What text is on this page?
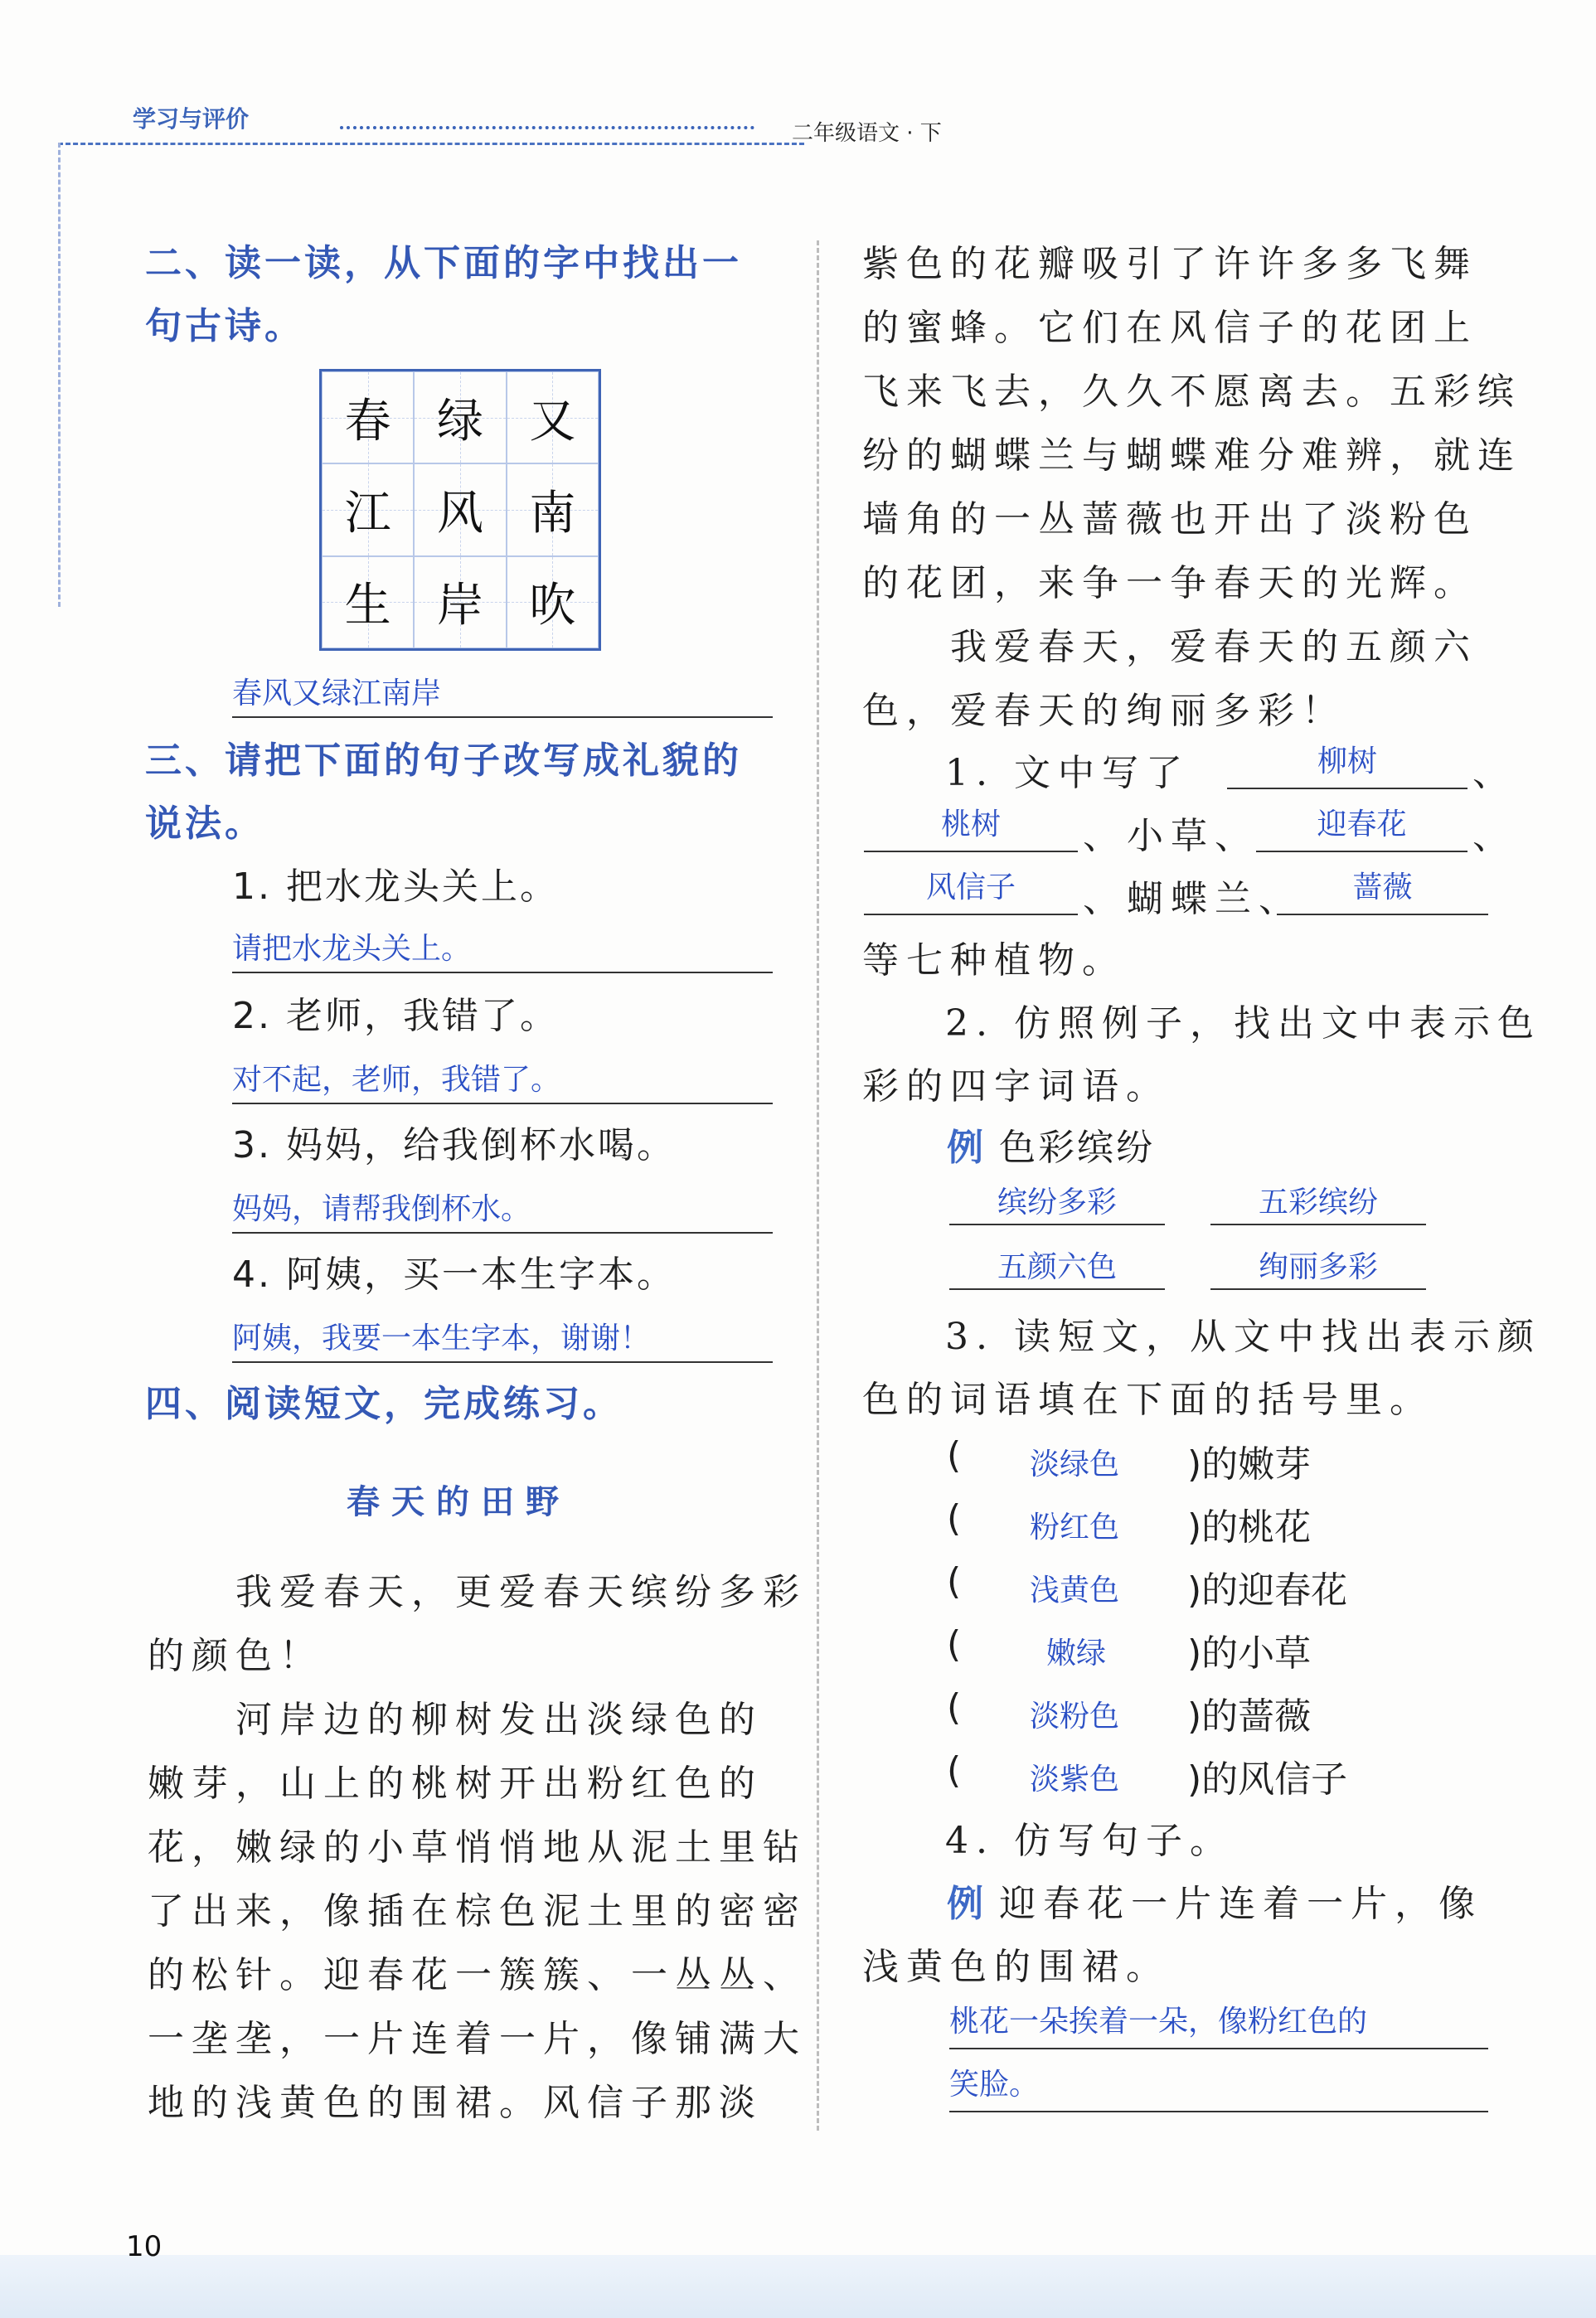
学习与评价
二年级语文 · 下
二、读一读，从下面的字中找出一
句古诗。
春 绿 又
江 风 南
生 岸 吹
春风又绿江南岸
三、请把下面的句子改写成礼貌的
说法。
1. 把水龙头关上。
请把水龙头关上。
2. 老师，我错了。
对不起，老师，我错了。
3. 妈妈，给我倒杯水喝。
妈妈，请帮我倒杯水。
4. 阿姨，买一本生字本。
阿姨，我要一本生字本，谢谢！
四、阅读短文，完成练习。
春天的田野
　　我爱春天，更爱春天缤纷多彩
的颜色！
　　河岸边的柳树发出淡绿色的
嫩芽，山上的桃树开出粉红色的
花，嫩绿的小草悄悄地从泥土里钻
了出来，像插在棕色泥土里的密密
的松针。迎春花一簇簇、一丛丛、
一垄垄，一片连着一片，像铺满大
地的浅黄色的围裙。风信子那淡
紫色的花瓣吸引了许许多多飞舞
的蜜蜂。它们在风信子的花团上
飞来飞去，久久不愿离去。五彩缤
纷的蝴蝶兰与蝴蝶难分难辨，就连
墙角的一丛蔷薇也开出了淡粉色
的花团，来争一争春天的光辉。
　　我爱春天，爱春天的五颜六
色，爱春天的绚丽多彩！
1. 文中写了	柳树	、
桃树	、小草、	迎春花	、
风信子	、蝴蝶兰、	蔷薇
等七种植物。
2. 仿照例子，找出文中表示色
彩的四字词语。
例 色彩缤纷
缤纷多彩	五彩缤纷
五颜六色	绚丽多彩
3. 读短文，从文中找出表示颜
色的词语填在下面的括号里。
( 淡绿色 )的嫩芽
( 粉红色 )的桃花
( 浅黄色 )的迎春花
(	嫩绿 )的小草
( 淡粉色 )的蔷薇
( 淡紫色 )的风信子
4. 仿写句子。
例 迎春花一片连着一片，像
浅黄色的围裙。
桃花一朵挨着一朵，像粉红色的
笑脸。
10
